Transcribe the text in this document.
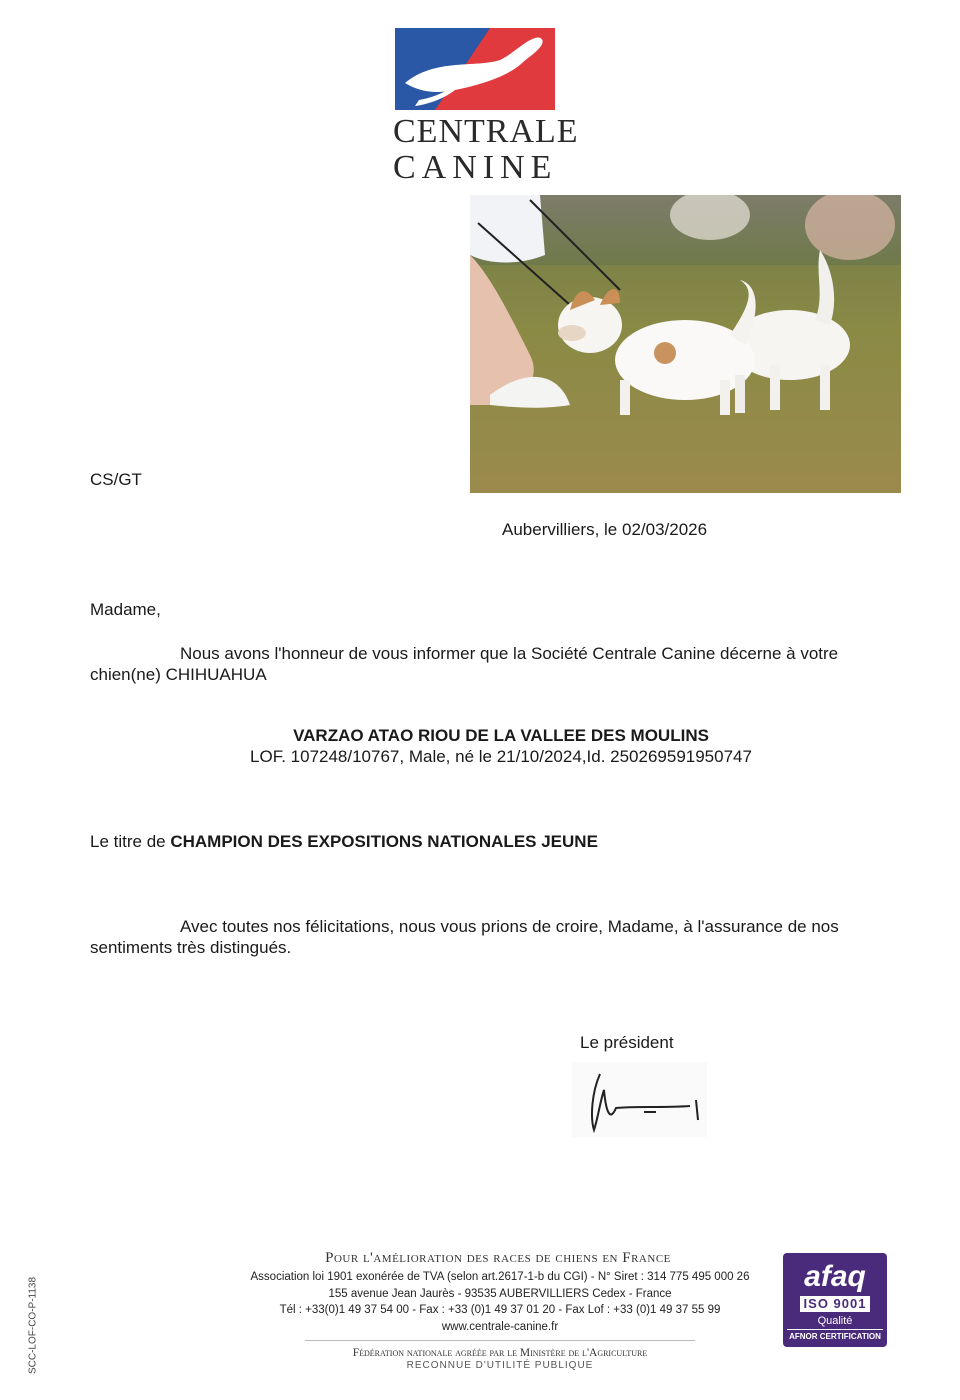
CENTRALE
CANINE
CS/GT
Aubervilliers, le 02/03/2026
Madame,
Nous avons l'honneur de vous informer que la Société Centrale Canine décerne à votre chien(ne) CHIHUAHUA
VARZAO ATAO RIOU DE LA VALLEE DES MOULINS
LOF. 107248/10767, Male, né le 21/10/2024,Id. 250269591950747
Le titre de CHAMPION DES EXPOSITIONS NATIONALES JEUNE
Avec toutes nos félicitations, nous vous prions de croire, Madame, à l'assurance de nos sentiments très distingués.
Le président
Pour l'amélioration des races de chiens en France
Association loi 1901 exonérée de TVA (selon art.2617-1-b du CGI) - N° Siret : 314 775 495 000 26
155 avenue Jean Jaurès - 93535 AUBERVILLIERS Cedex - France
Tél : +33(0)1 49 37 54 00 - Fax : +33 (0)1 49 37 01 20 - Fax Lof : +33 (0)1 49 37 55 99
www.centrale-canine.fr
Fédération nationale agréée par le Ministère de l'Agriculture
RECONNUE D'UTILITÉ PUBLIQUE
SCC-LOF-CO-P-1138
afaq
ISO 9001
Qualité
AFNOR CERTIFICATION
